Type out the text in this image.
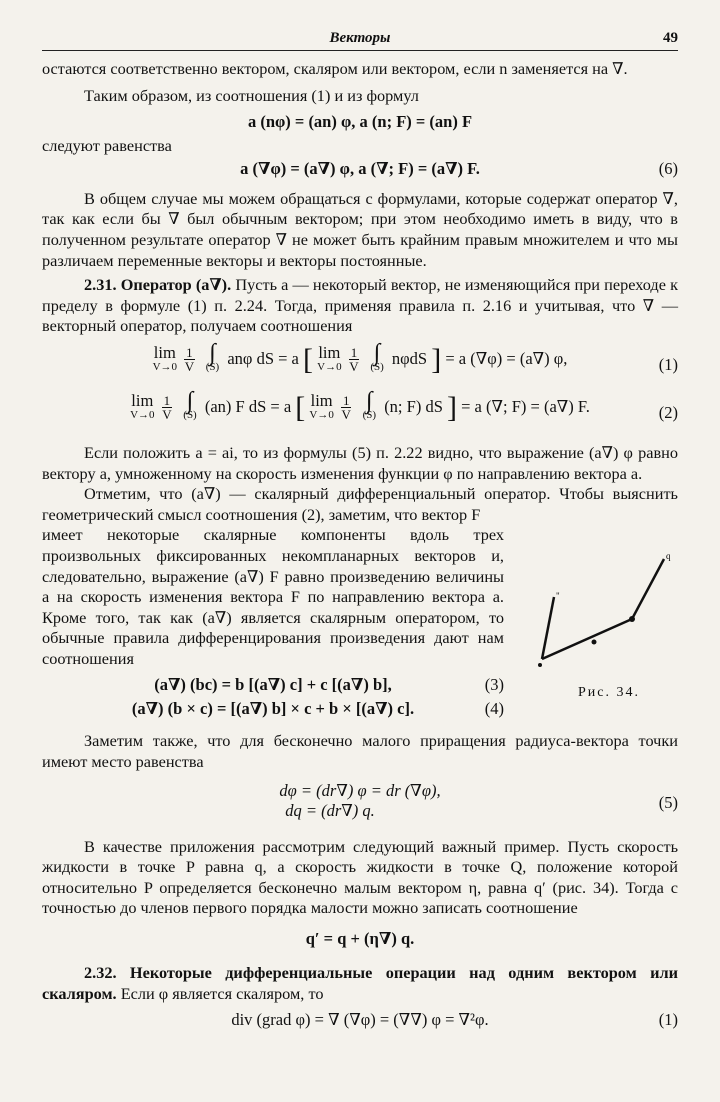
Векторы	49

остаются соответственно вектором, скаляром или вектором, если n заменяется на ∇.

Таким образом, из соотношения (1) и из формул

a (nφ) = (an) φ, a (n; F) = (an) F

следуют равенства

a (∇φ) = (a∇) φ, a (∇; F) = (a∇) F.	(6)

В общем случае мы можем обращаться с формулами, которые содержат оператор ∇, так как если бы ∇ был обычным вектором; при этом необходимо иметь в виду, что в полученном результате оператор ∇ не может быть крайним правым множителем и что мы различаем переменные векторы и векторы постоянные.

2.31. Оператор (a∇). Пусть a — некоторый вектор, не изменяющийся при переходе к пределу в формуле (1) п. 2.24. Тогда, применяя правила п. 2.16 и учитывая, что ∇ — векторный оператор, получаем соотношения

lim
V→0
$\frac{1}{V}$ ∫
(S) anφ dS = a [ lim
V→0
$\frac{1}{V}$ ∫
(S) nφdS ] = a (∇φ) = (a∇) φ,	(1)
lim
V→0
$\frac{1}{V}$ ∫
(S) (an) F dS = a [ lim
V→0
$\frac{1}{V}$ ∫
(S) (n; F) dS ] = a (∇; F) = (a∇) F.	(2)

Если положить a = ai, то из формулы (5) п. 2.22 видно, что выражение (a∇) φ равно вектору a, умноженному на скорость изменения функции φ по направлению вектора a.

Отметим, что (a∇) — скалярный дифференциальный оператор. Чтобы выяснить геометрический смысл соотношения (2), заметим, что вектор F

имеет некоторые скалярные компоненты вдоль трех произвольных фиксированных некомпланарных векторов и, следовательно, выражение (a∇) F равно произведению величины a на скорость изменения вектора F по направлению вектора a. Кроме того, так как (a∇) является скалярным оператором, то обычные правила дифференцирования произведения дают нам соотношения

(a∇) (bc) = b [(a∇) c] + c [(a∇) b],	(3)
(a∇) (b × c) = [(a∇) b] × c + b × [(a∇) c].	(4)
"
q
Рис. 34.

Заметим также, что для бесконечно малого приращения радиуса-вектора точки имеют место равенства

dφ = (dr∇) φ = dr (∇φ),
dq = (dr∇) q.	(5)

В качестве приложения рассмотрим следующий важный пример. Пусть скорость жидкости в точке P равна q, а скорость жидкости в точке Q, положение которой относительно P определяется бесконечно малым вектором η, равна q′ (рис. 34). Тогда с точностью до членов первого порядка малости можно записать соотношение

q′ = q + (η∇) q.

2.32. Некоторые дифференциальные операции над одним вектором или скаляром. Если φ является скаляром, то

div (grad φ) = ∇ (∇φ) = (∇∇) φ = ∇²φ.	(1)
